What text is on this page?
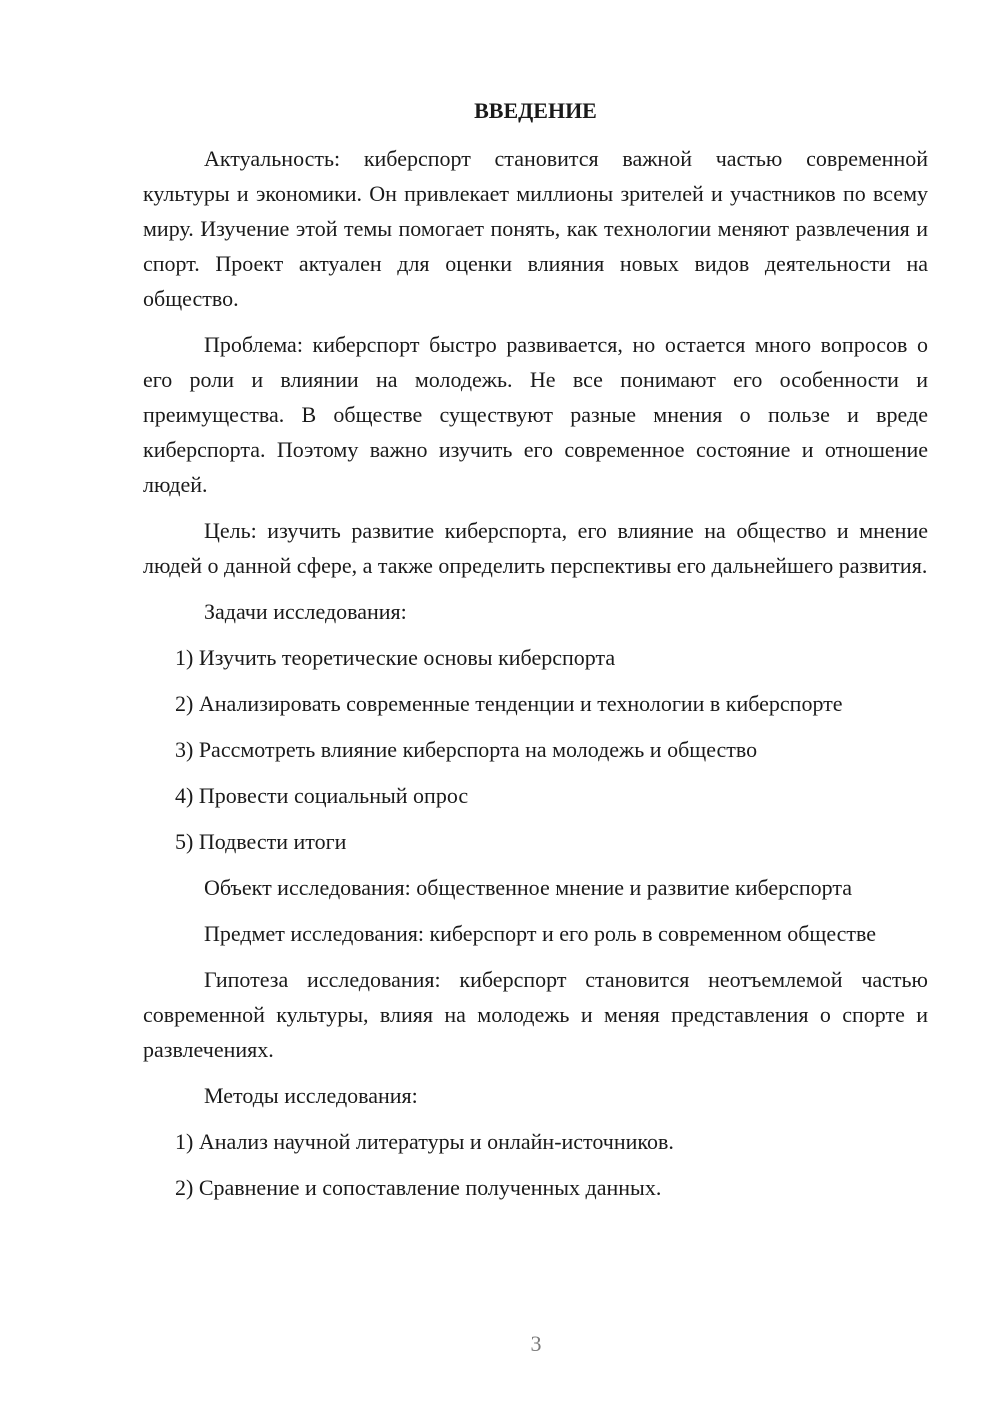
ВВЕДЕНИЕ

Актуальность: киберспорт становится важной частью современной культуры и экономики. Он привлекает миллионы зрителей и участников по всему миру. Изучение этой темы помогает понять, как технологии меняют развлечения и спорт. Проект актуален для оценки влияния новых видов деятельности на общество.

Проблема: киберспорт быстро развивается, но остается много вопросов о его роли и влиянии на молодежь. Не все понимают его особенности и преимущества. В обществе существуют разные мнения о пользе и вреде киберспорта. Поэтому важно изучить его современное состояние и отношение людей.

Цель: изучить развитие киберспорта, его влияние на общество и мнение людей о данной сфере, а также определить перспективы его дальнейшего развития.

Задачи исследования:

1) Изучить теоретические основы киберспорта
2) Анализировать современные тенденции и технологии в киберспорте
3) Рассмотреть влияние киберспорта на молодежь и общество
4) Провести социальный опрос
5) Подвести итоги

Объект исследования: общественное мнение и развитие киберспорта

Предмет исследования: киберспорт и его роль в современном обществе

Гипотеза исследования: киберспорт становится неотъемлемой частью современной культуры, влияя на молодежь и меняя представления о спорте и развлечениях.

Методы исследования:

1) Анализ научной литературы и онлайн-источников.
2) Сравнение и сопоставление полученных данных.
3
